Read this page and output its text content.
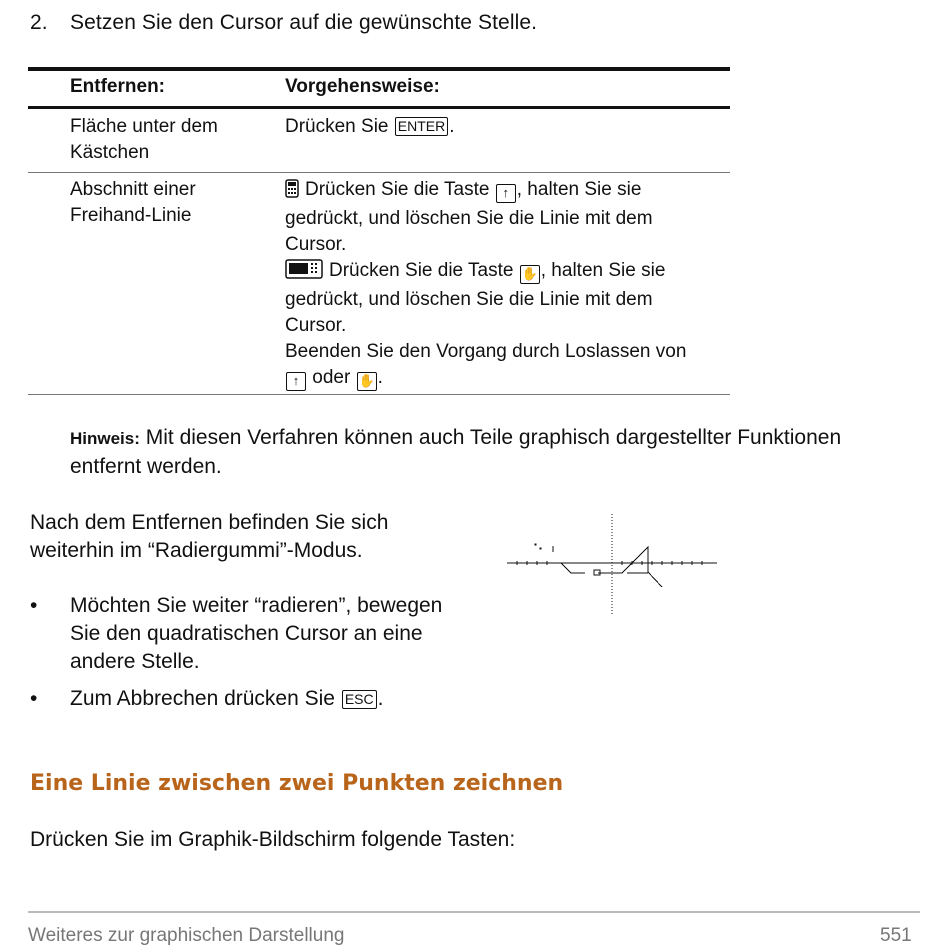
2. Setzen Sie den Cursor auf die gewünschte Stelle.
Entfernen:	Vorgehensweise:
Fläche unter dem
Kästchen
Drücken Sie ENTER .
Abschnitt einer
Freihand-Linie
Drücken Sie die Taste ↑ , halten Sie sie
gedrückt, und löschen Sie die Linie mit dem
Cursor.
Drücken Sie die Taste ✋ , halten Sie sie
gedrückt, und löschen Sie die Linie mit dem
Cursor.
Beenden Sie den Vorgang durch Loslassen von
↑ oder ✋ .
Hinweis: Mit diesen Verfahren können auch Teile graphisch dargestellter Funktionen
entfernt werden.
Nach dem Entfernen befinden Sie sich
weiterhin im “Radiergummi”-Modus.
• Möchten Sie weiter “radieren”, bewegen
Sie den quadratischen Cursor an eine
andere Stelle.
• Zum Abbrechen drücken Sie ESC .
Eine Linie zwischen zwei Punkten zeichnen
Drücken Sie im Graphik-Bildschirm folgende Tasten:
Weiteres zur graphischen Darstellung	551
